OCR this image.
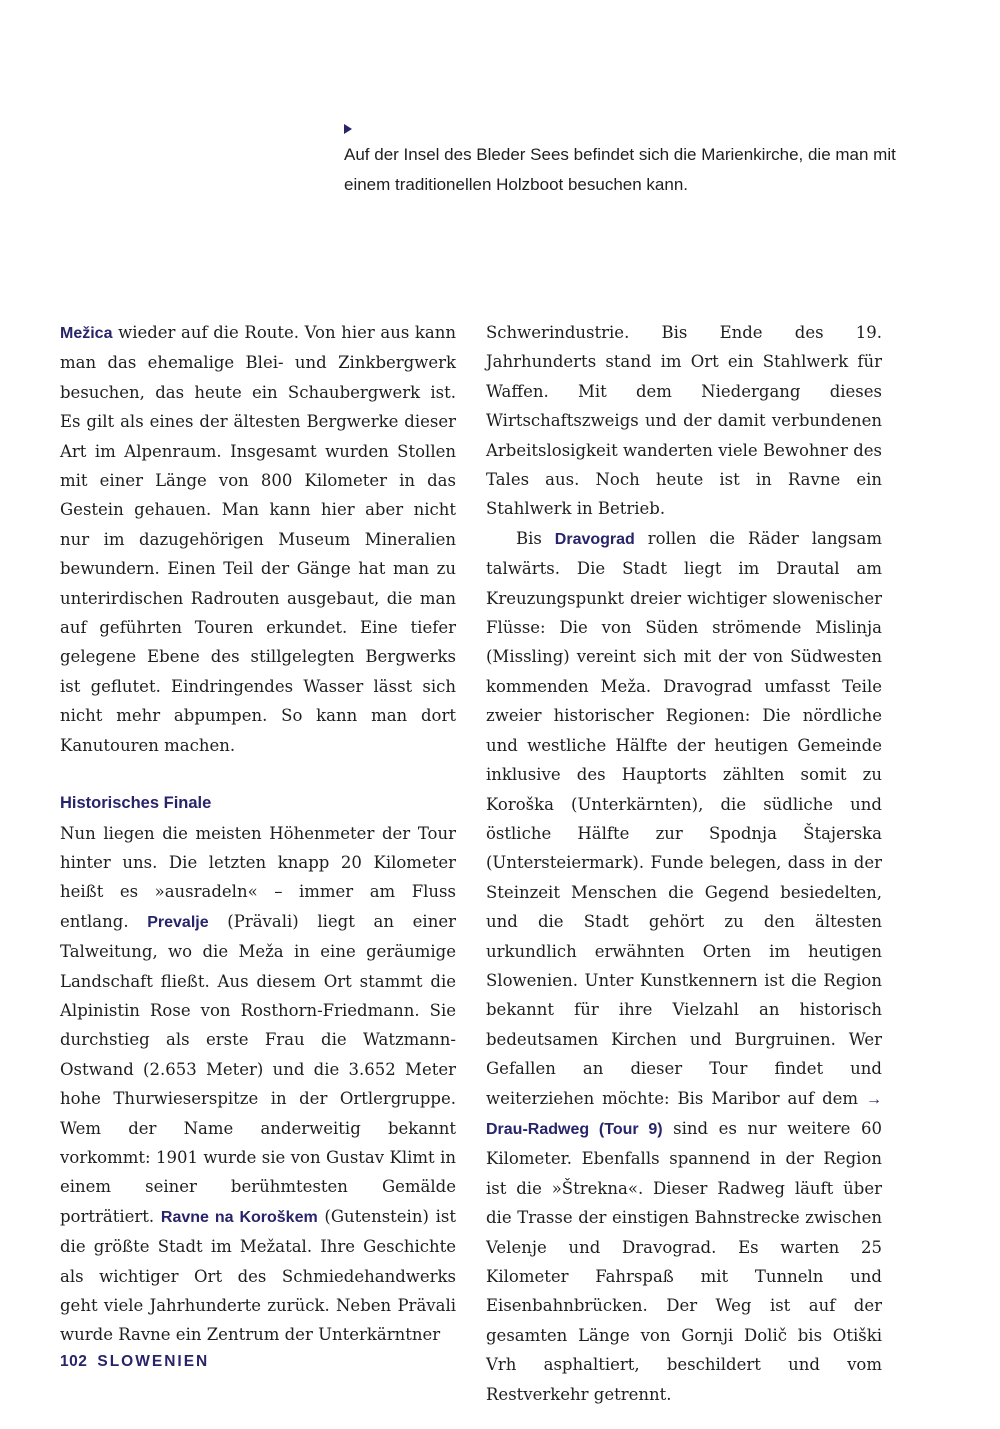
Auf der Insel des Bleder Sees befindet sich die Marienkirche, die man mit einem traditionellen Holzboot besuchen kann.

Mežica wieder auf die Route. Von hier aus kann man das ehemalige Blei- und Zinkbergwerk besuchen, das heute ein Schaubergwerk ist. Es gilt als eines der ältesten Bergwerke dieser Art im Alpenraum. Insgesamt wurden Stollen mit einer Länge von 800 Kilometer in das Gestein gehauen. Man kann hier aber nicht nur im dazugehörigen Museum Mineralien bewundern. Einen Teil der Gänge hat man zu unterirdischen Radrouten ausgebaut, die man auf geführten Touren erkundet. Eine tiefer gelegene Ebene des stillgelegten Bergwerks ist geflutet. Eindringendes Wasser lässt sich nicht mehr abpumpen. So kann man dort Kanutouren machen.

Historisches Finale

Nun liegen die meisten Höhenmeter der Tour hinter uns. Die letzten knapp 20 Kilometer heißt es »ausradeln« – immer am Fluss entlang. Prevalje (Prävali) liegt an einer Talweitung, wo die Meža in eine geräumige Landschaft fließt. Aus diesem Ort stammt die Alpinistin Rose von Rosthorn-Friedmann. Sie durchstieg als erste Frau die Watzmann-Ostwand (2.653 Meter) und die 3.652 Meter hohe Thurwieserspitze in der Ortlergruppe. Wem der Name anderweitig bekannt vorkommt: 1901 wurde sie von Gustav Klimt in einem seiner berühmtesten Gemälde porträtiert. Ravne na Koroškem (Gutenstein) ist die größte Stadt im Mežatal. Ihre Geschichte als wichtiger Ort des Schmiedehandwerks geht viele Jahrhunderte zurück. Neben Prävali wurde Ravne ein Zentrum der Unterkärntner

Schwerindustrie. Bis Ende des 19. Jahrhunderts stand im Ort ein Stahlwerk für Waffen. Mit dem Niedergang dieses Wirtschaftszweigs und der damit verbundenen Arbeitslosigkeit wanderten viele Bewohner des Tales aus. Noch heute ist in Ravne ein Stahlwerk in Betrieb.

Bis Dravograd rollen die Räder langsam talwärts. Die Stadt liegt im Drautal am Kreuzungspunkt dreier wichtiger slowenischer Flüsse: Die von Süden strömende Mislinja (Missling) vereint sich mit der von Südwesten kommenden Meža. Dravograd umfasst Teile zweier historischer Regionen: Die nördliche und westliche Hälfte der heutigen Gemeinde inklusive des Hauptorts zählten somit zu Koroška (Unterkärnten), die südliche und östliche Hälfte zur Spodnja Štajerska (Untersteiermark). Funde belegen, dass in der Steinzeit Menschen die Gegend besiedelten, und die Stadt gehört zu den ältesten urkundlich erwähnten Orten im heutigen Slowenien. Unter Kunstkennern ist die Region bekannt für ihre Vielzahl an historisch bedeutsamen Kirchen und Burgruinen. Wer Gefallen an dieser Tour findet und weiterziehen möchte: Bis Maribor auf dem → Drau-Radweg (Tour 9) sind es nur weitere 60 Kilometer. Ebenfalls spannend in der Region ist die »Štrekna«. Dieser Radweg läuft über die Trasse der einstigen Bahnstrecke zwischen Velenje und Dravograd. Es warten 25 Kilometer Fahrspaß mit Tunneln und Eisenbahnbrücken. Der Weg ist auf der gesamten Länge von Gornji Dolič bis Otiški Vrh asphaltiert, beschildert und vom Restverkehr getrennt.

102 SLOWENIEN
